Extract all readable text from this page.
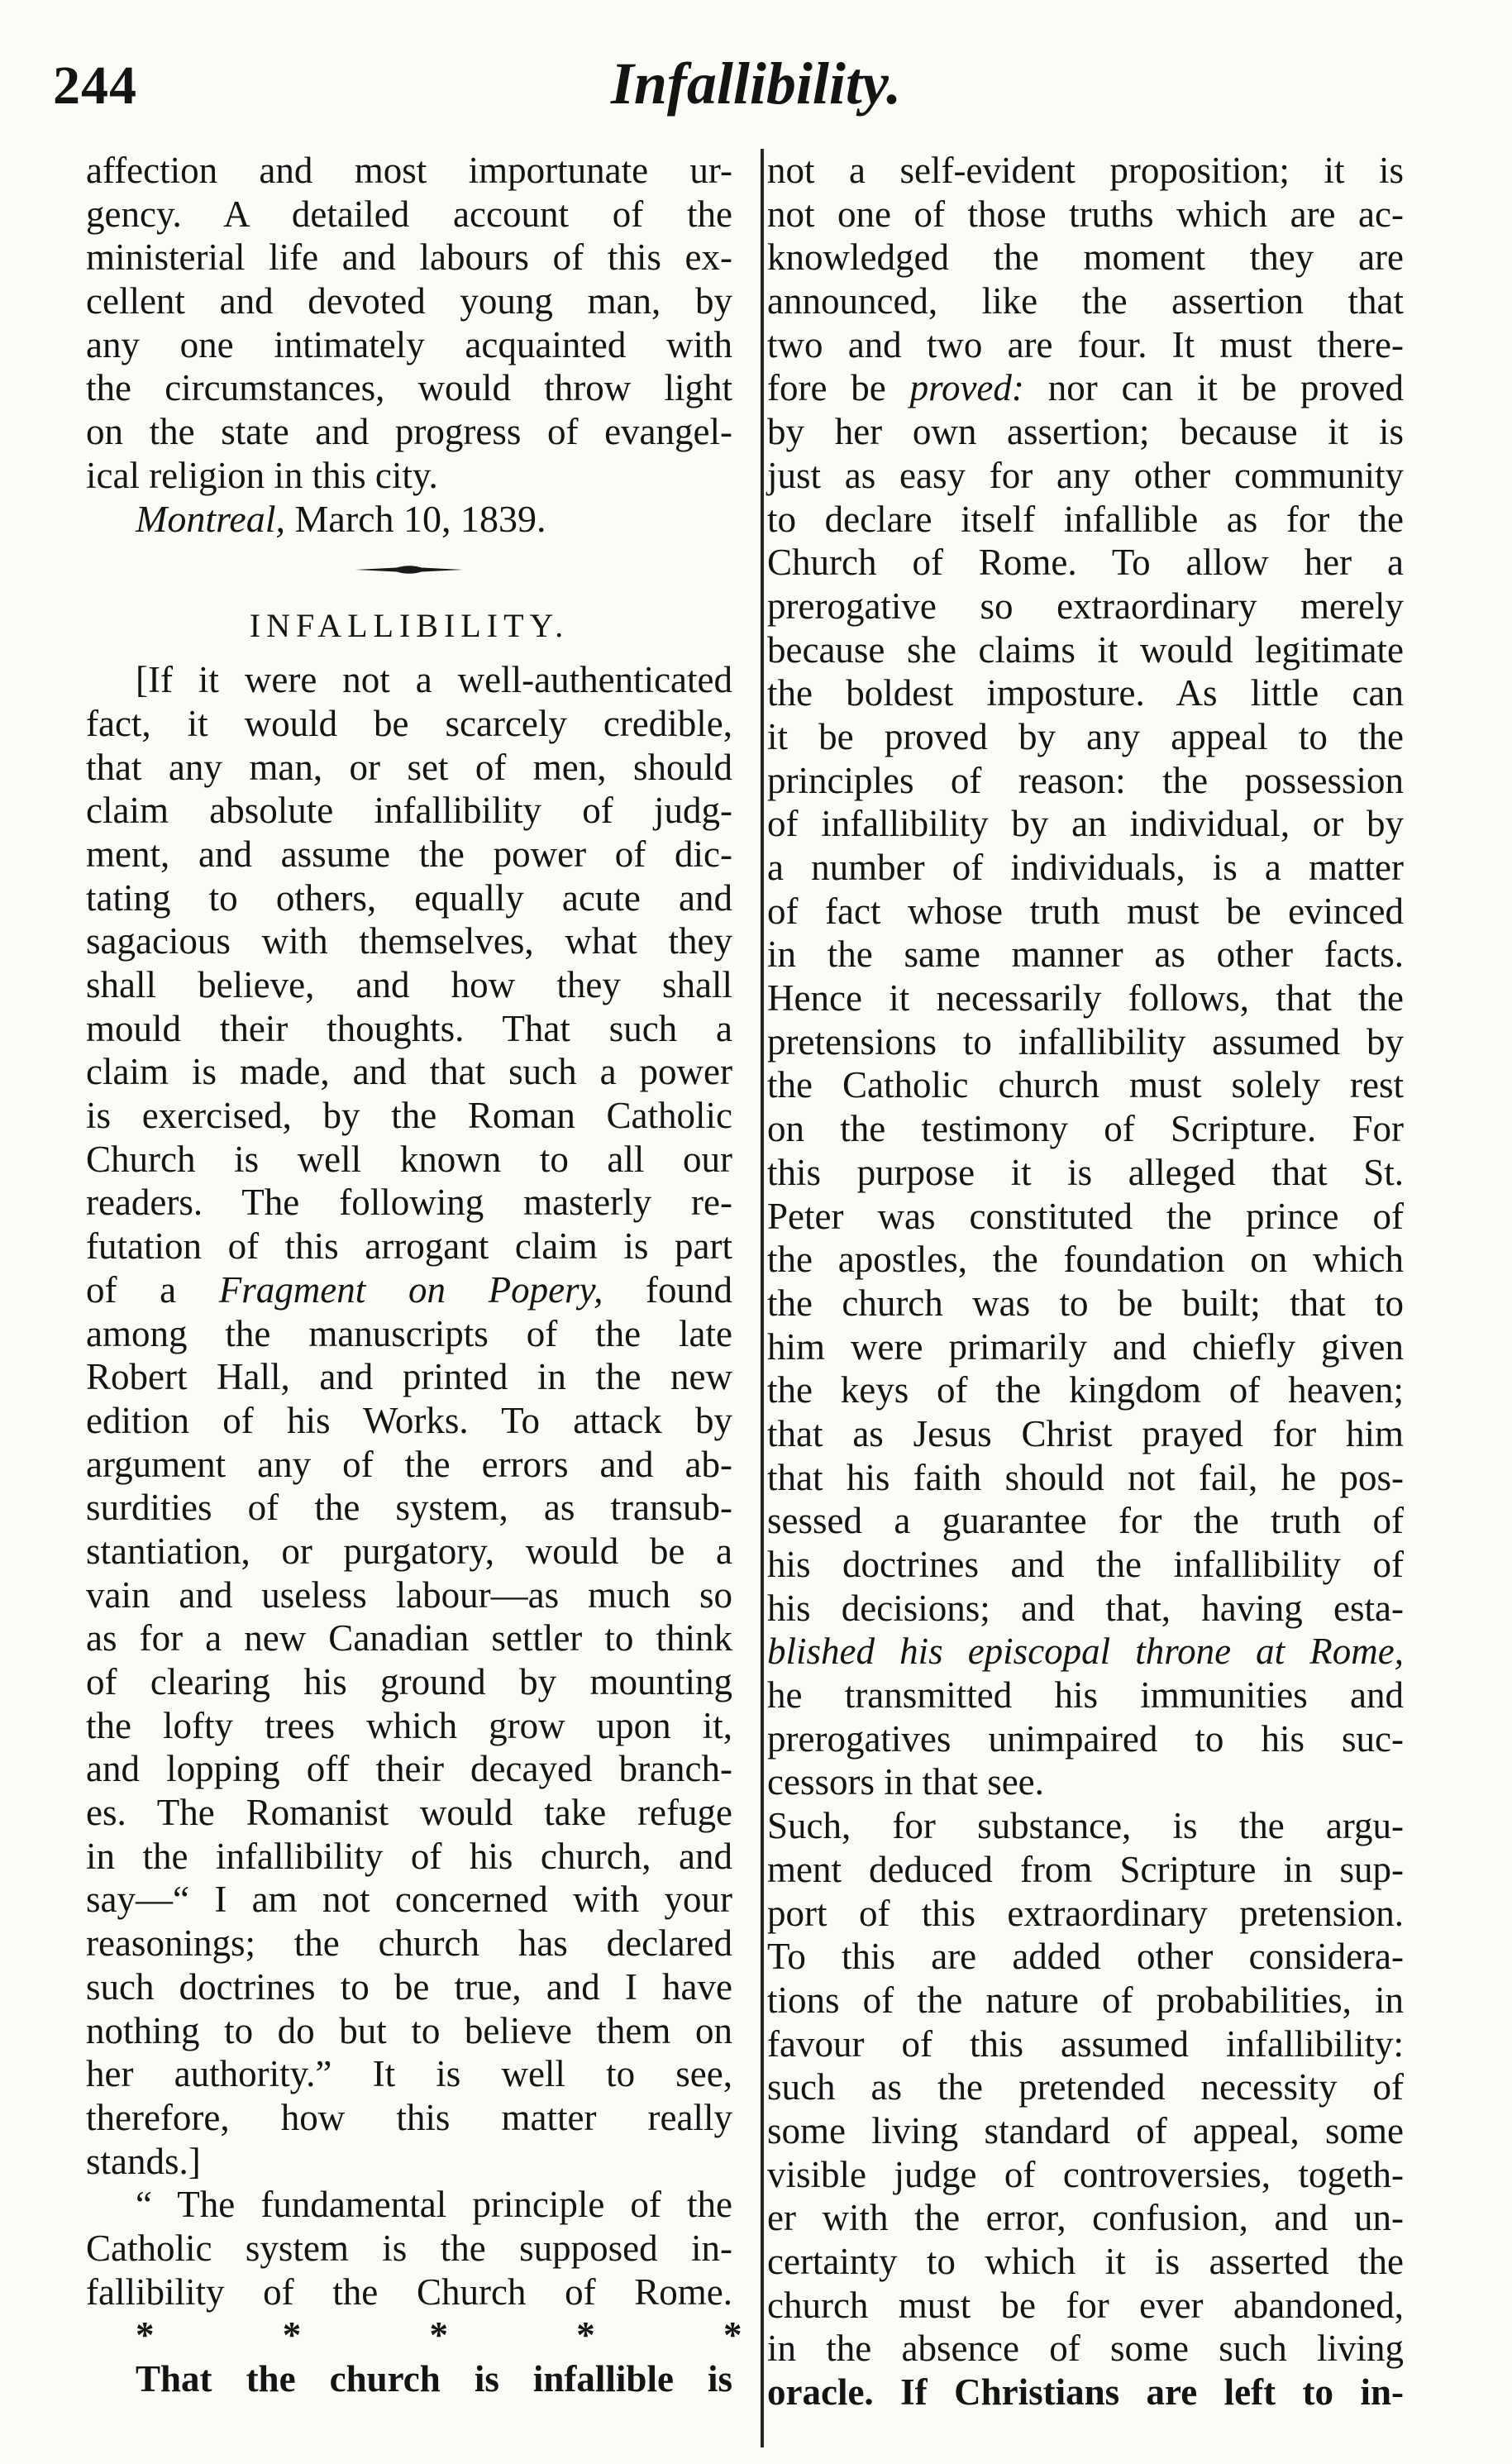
244	Infallibility.
affection and most importunate ur-
gency. A detailed account of the
ministerial life and labours of this ex-
cellent and devoted young man, by
any one intimately acquainted with
the circumstances, would throw light
on the state and progress of evangel-
ical religion in this city.
Montreal, March 10, 1839.
INFALLIBILITY.
[If it were not a well-authenticated
fact, it would be scarcely credible,
that any man, or set of men, should
claim absolute infallibility of judg-
ment, and assume the power of dic-
tating to others, equally acute and
sagacious with themselves, what they
shall believe, and how they shall
mould their thoughts. That such a
claim is made, and that such a power
is exercised, by the Roman Catholic
Church is well known to all our
readers. The following masterly re-
futation of this arrogant claim is part
of a Fragment on Popery, found
among the manuscripts of the late
Robert Hall, and printed in the new
edition of his Works. To attack by
argument any of the errors and ab-
surdities of the system, as transub-
stantiation, or purgatory, would be a
vain and useless labour—as much so
as for a new Canadian settler to think
of clearing his ground by mounting
the lofty trees which grow upon it,
and lopping off their decayed branch-
es. The Romanist would take refuge
in the infallibility of his church, and
say—“ I am not concerned with your
reasonings; the church has declared
such doctrines to be true, and I have
nothing to do but to believe them on
her authority.” It is well to see,
therefore, how this matter really
stands.]
“ The fundamental principle of the
Catholic system is the supposed in-
fallibility of the Church of Rome.
* * * * *
That the church is infallible is
not a self-evident proposition; it is
not one of those truths which are ac-
knowledged the moment they are
announced, like the assertion that
two and two are four. It must there-
fore be proved: nor can it be proved
by her own assertion; because it is
just as easy for any other community
to declare itself infallible as for the
Church of Rome. To allow her a
prerogative so extraordinary merely
because she claims it would legitimate
the boldest imposture. As little can
it be proved by any appeal to the
principles of reason: the possession
of infallibility by an individual, or by
a number of individuals, is a matter
of fact whose truth must be evinced
in the same manner as other facts.
Hence it necessarily follows, that the
pretensions to infallibility assumed by
the Catholic church must solely rest
on the testimony of Scripture. For
this purpose it is alleged that St.
Peter was constituted the prince of
the apostles, the foundation on which
the church was to be built; that to
him were primarily and chiefly given
the keys of the kingdom of heaven;
that as Jesus Christ prayed for him
that his faith should not fail, he pos-
sessed a guarantee for the truth of
his doctrines and the infallibility of
his decisions; and that, having esta-
blished his episcopal throne at Rome,
he transmitted his immunities and
prerogatives unimpaired to his suc-
cessors in that see.
Such, for substance, is the argu-
ment deduced from Scripture in sup-
port of this extraordinary pretension.
To this are added other considera-
tions of the nature of probabilities, in
favour of this assumed infallibility:
such as the pretended necessity of
some living standard of appeal, some
visible judge of controversies, togeth-
er with the error, confusion, and un-
certainty to which it is asserted the
church must be for ever abandoned,
in the absence of some such living
oracle. If Christians are left to in-
